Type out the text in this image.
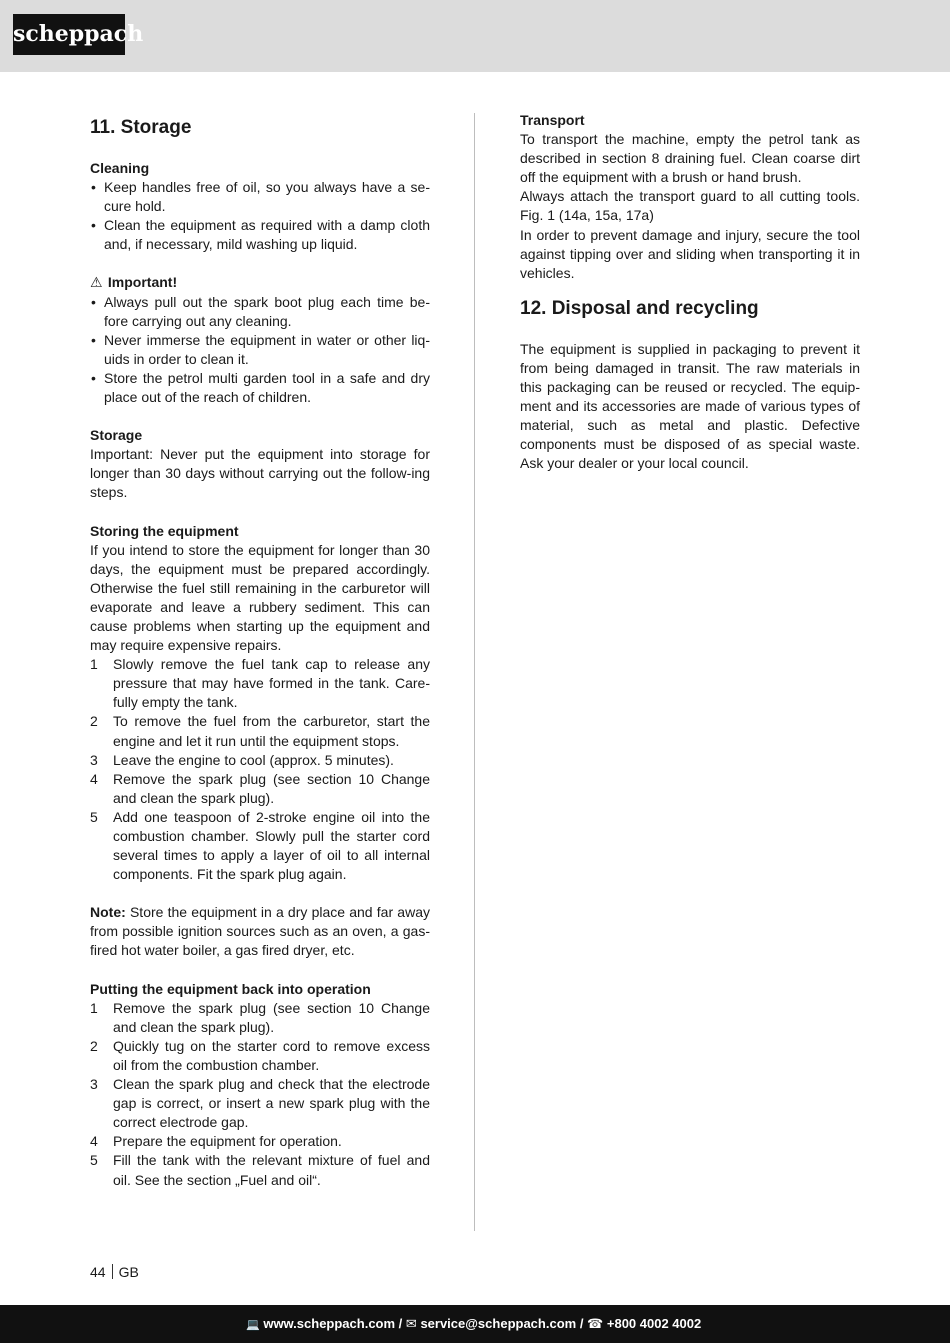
scheppach
11. Storage
Cleaning
• Keep handles free of oil, so you always have a se-cure hold.
• Clean the equipment as required with a damp cloth and, if necessary, mild washing up liquid.
⚠ Important!
• Always pull out the spark boot plug each time be-fore carrying out any cleaning.
• Never immerse the equipment in water or other liq-uids in order to clean it.
• Store the petrol multi garden tool in a safe and dry place out of the reach of children.
Storage

Important: Never put the equipment into storage for longer than 30 days without carrying out the follow-ing steps.

Storing the equipment

If you intend to store the equipment for longer than 30 days, the equipment must be prepared accordingly. Otherwise the fuel still remaining in the carburetor will evaporate and leave a rubbery sediment. This can cause problems when starting up the equipment and may require expensive repairs.

1 Slowly remove the fuel tank cap to release any pressure that may have formed in the tank. Care-fully empty the tank.
2 To remove the fuel from the carburetor, start the engine and let it run until the equipment stops.
3 Leave the engine to cool (approx. 5 minutes).
4 Remove the spark plug (see section 10 Change and clean the spark plug).
5 Add one teaspoon of 2-stroke engine oil into the combustion chamber. Slowly pull the starter cord several times to apply a layer of oil to all internal components. Fit the spark plug again.

Note: Store the equipment in a dry place and far away from possible ignition sources such as an oven, a gas-fired hot water boiler, a gas fired dryer, etc.

Putting the equipment back into operation
1 Remove the spark plug (see section 10 Change and clean the spark plug).
2 Quickly tug on the starter cord to remove excess oil from the combustion chamber.
3 Clean the spark plug and check that the electrode gap is correct, or insert a new spark plug with the correct electrode gap.
4 Prepare the equipment for operation.
5 Fill the tank with the relevant mixture of fuel and oil. See the section „Fuel and oil“.
Transport

To transport the machine, empty the petrol tank as described in section 8 draining fuel. Clean coarse dirt off the equipment with a brush or hand brush.

Always attach the transport guard to all cutting tools. Fig. 1 (14a, 15a, 17a)

In order to prevent damage and injury, secure the tool against tipping over and sliding when transporting it in vehicles.

12. Disposal and recycling

The equipment is supplied in packaging to prevent it from being damaged in transit. The raw materials in this packaging can be reused or recycled. The equip-ment and its accessories are made of various types of material, such as metal and plastic. Defective components must be disposed of as special waste. Ask your dealer or your local council.

44 GB
💻 www.scheppach.com / ✉ service@scheppach.com / ☎ +800 4002 4002
